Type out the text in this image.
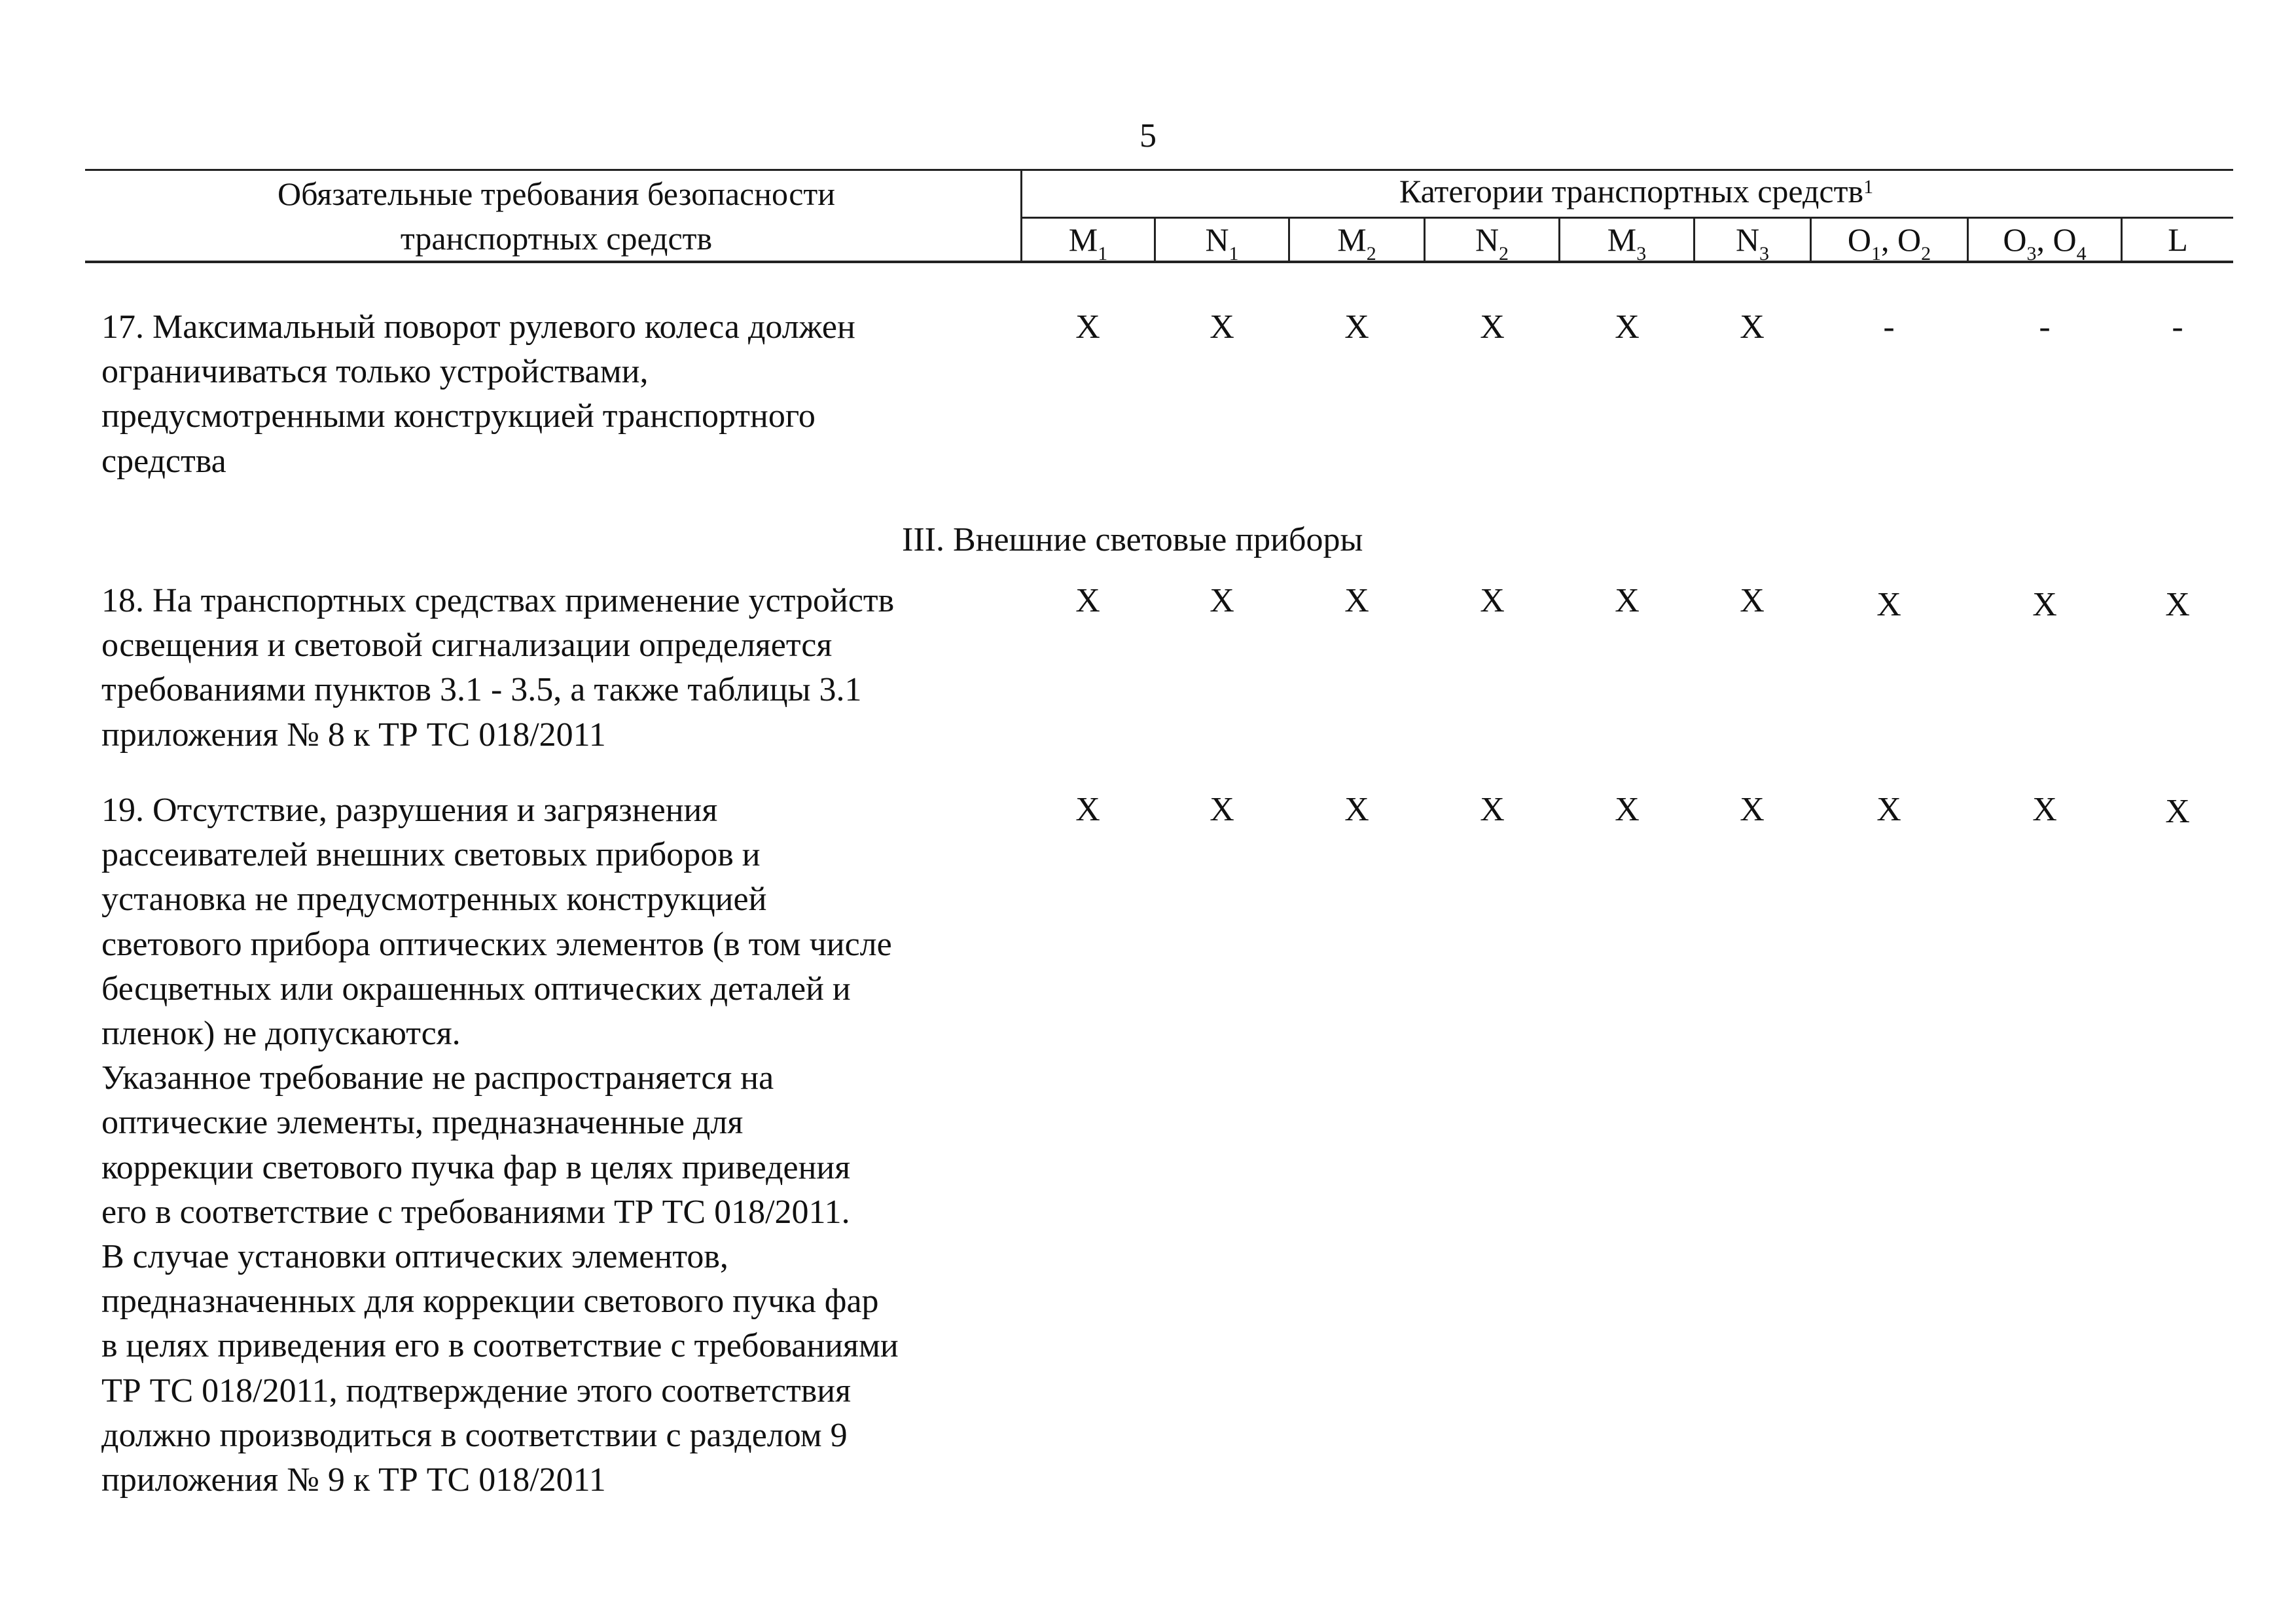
5
Обязательные требования безопасности
транспортных средств
Категории транспортных средств$^1$
$M_1$	$N_1$	$M_2$	$N_2$	$M_3$	$N_3$	$O_1$, $O_2$	$O_3$, $O_4$	L
17. Максимальный поворот рулевого колеса должен
ограничиваться только устройствами,
предусмотренными конструкцией транспортного
средства
X	X	X	X	X	X	-	-	-
III. Внешние световые приборы
18. На транспортных средствах применение устройств
освещения и световой сигнализации определяется
требованиями пунктов 3.1 - 3.5, а также таблицы 3.1
приложения № 8 к ТР ТС 018/2011
X	X	X	X	X	X	X	X	X
19. Отсутствие, разрушения и загрязнения
рассеивателей внешних световых приборов и
установка не предусмотренных конструкцией
светового прибора оптических элементов (в том числе
бесцветных или окрашенных оптических деталей и
пленок) не допускаются.
Указанное требование не распространяется на
оптические элементы, предназначенные для
коррекции светового пучка фар в целях приведения
его в соответствие с требованиями ТР ТС 018/2011.
В случае установки оптических элементов,
предназначенных для коррекции светового пучка фар
в целях приведения его в соответствие с требованиями
ТР ТС 018/2011, подтверждение этого соответствия
должно производиться в соответствии с разделом 9
приложения № 9 к ТР ТС 018/2011
X	X	X	X	X	X	X	X	X
